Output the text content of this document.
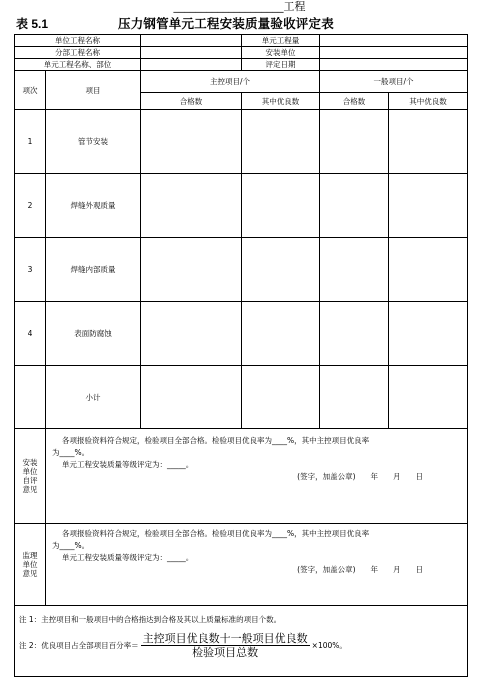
____________________工程
表 5.1	压力钢管单元工程安装质量验收评定表
单位工程名称			单元工程量		
分部工程名称			安装单位		
单元工程名称、部位			评定日期		
项次	项目	主控项目/个		一般项目/个	
		合格数	其中优良数	合格数	其中优良数
1	管节安装				
2	焊缝外观质量				
3	焊缝内部质量				
4	表面防腐蚀				
	小计				
安装
单位
自评
意见	各项报验资料符合规定，检验项目全部合格。检验项目优良率为____%，其中主控项目优良率
为____%。
单元工程安装质量等级评定为：_____。
(签字，加盖公章)　　年　　月　　日				

监理
单位
意见	各项报验资料符合规定，检验项目全部合格。检验项目优良率为____%，其中主控项目优良率
为____%。
单元工程安装质量等级评定为：_____。
(签字，加盖公章)　　年　　月　　日				

注 1：主控项目和一般项目中的合格指达到合格及其以上质量标准的项目个数。
注 2：优良项目占全部项目百分率＝ $\frac{\text{主控项目优良数十一般项目优良数}}{\text{检验项目总数}} \times 100\%$。					
